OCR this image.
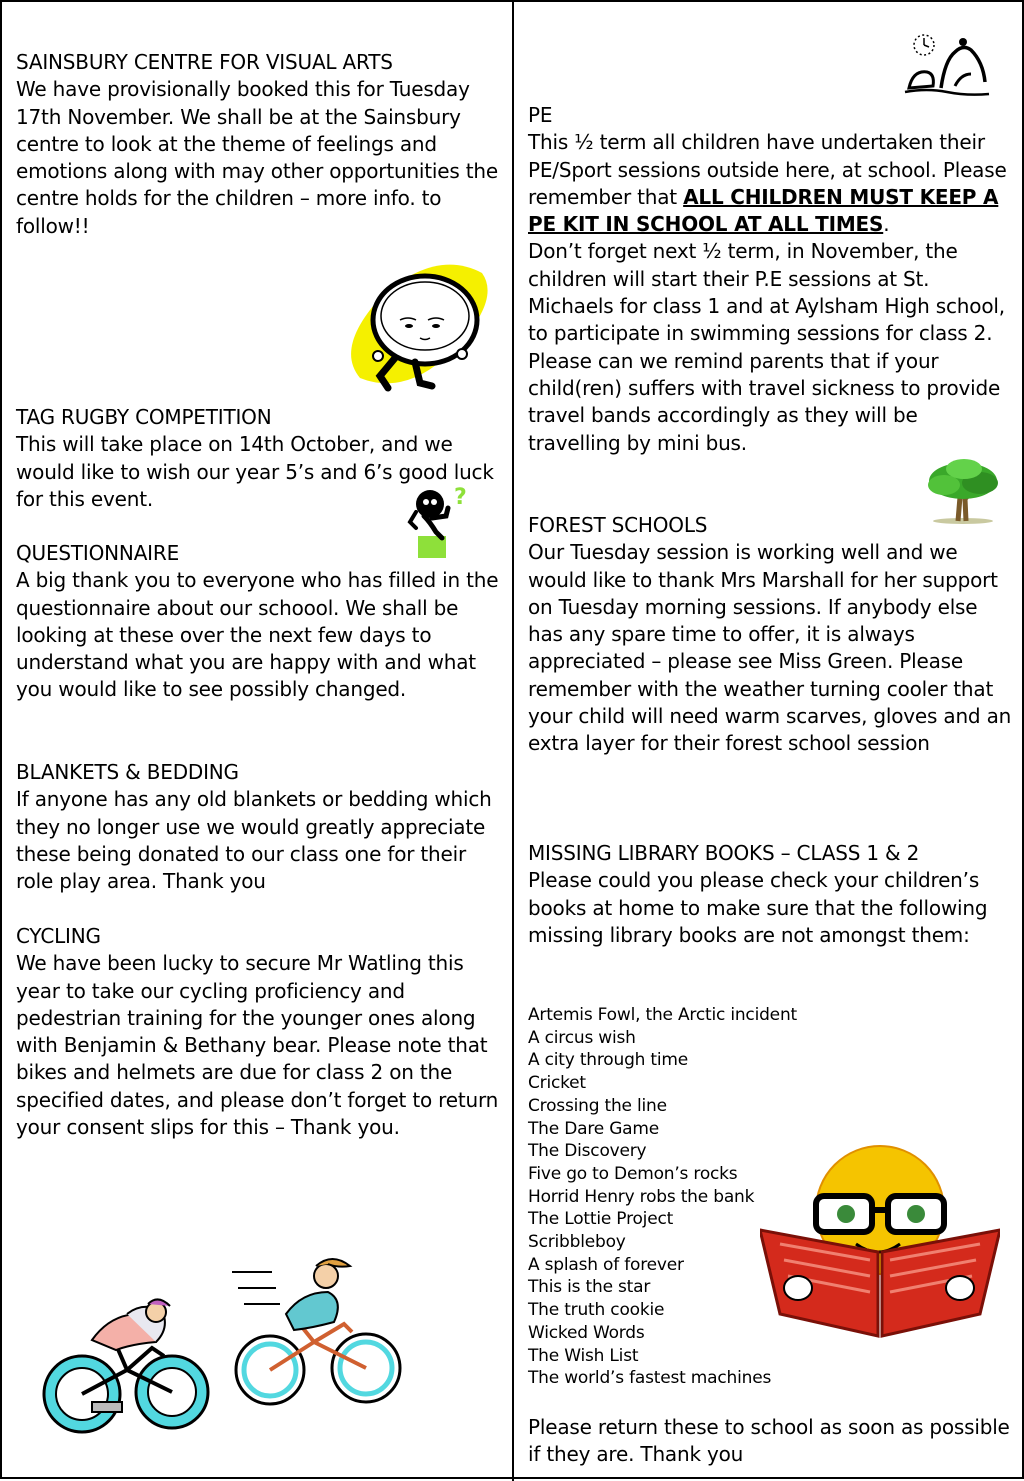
SAINSBURY CENTRE FOR VISUAL ARTS

We have provisionally booked this for Tuesday 17th November. We shall be at the Sainsbury centre to look at the theme of feelings and emotions along with may other opportunities the centre holds for the children – more info. to follow!!

TAG RUGBY COMPETITION

This will take place on 14th October, and we would like to wish our year 5’s and 6’s good luck for this event.

QUESTIONNAIRE

A big thank you to everyone who has filled in the questionnaire about our schoool. We shall be looking at these over the next few days to understand what you are happy with and what you would like to see possibly changed.

BLANKETS & BEDDING

If anyone has any old blankets or bedding which they no longer use we would greatly appreciate these being donated to our class one for their role play area. Thank you

CYCLING

We have been lucky to secure Mr Watling this year to take our cycling proficiency and pedestrian training for the younger ones along with Benjamin & Bethany bear. Please note that bikes and helmets are due for class 2 on the specified dates, and please don’t forget to return your consent slips for this – Thank you.

PE

This ½ term all children have undertaken their PE/Sport sessions outside here, at school. Please remember that ALL CHILDREN MUST KEEP A PE KIT IN SCHOOL AT ALL TIMES.

Don’t forget next ½ term, in November, the children will start their P.E sessions at St. Michaels for class 1 and at Aylsham High school, to participate in swimming sessions for class 2. Please can we remind parents that if your child(ren) suffers with travel sickness to provide travel bands accordingly as they will be travelling by mini bus.

FOREST SCHOOLS

Our Tuesday session is working well and we would like to thank Mrs Marshall for her support on Tuesday morning sessions. If anybody else has any spare time to offer, it is always appreciated – please see Miss Green. Please remember with the weather turning cooler that your child will need warm scarves, gloves and an extra layer for their forest school session

MISSING LIBRARY BOOKS – CLASS 1 & 2

Please could you please check your children’s books at home to make sure that the following missing library books are not amongst them:

Artemis Fowl, the Arctic incident
A circus wish
A city through time
Cricket
Crossing the line
The Dare Game
The Discovery
Five go to Demon’s rocks
Horrid Henry robs the bank
The Lottie Project
Scribbleboy
A splash of forever
This is the star
The truth cookie
Wicked Words
The Wish List
The world’s fastest machines

Please return these to school as soon as possible if they are. Thank you

?
